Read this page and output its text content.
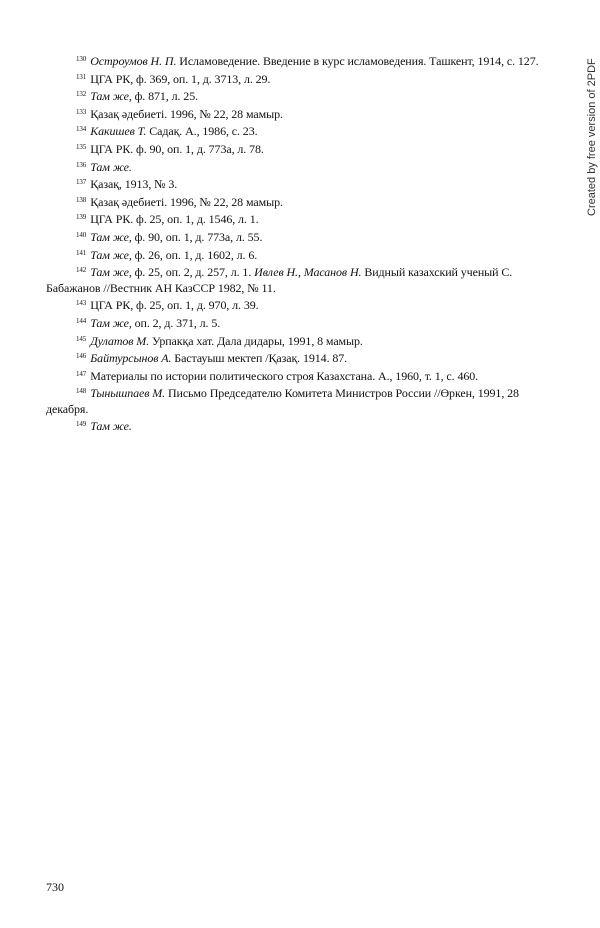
$^{130}$ Остроумов Н. П. Исламоведение. Введение в курс исламоведения. Ташкент, 1914, с. 127.

$^{131}$ ЦГА РК, ф. 369, оп. 1, д. 3713, л. 29.

$^{132}$ Там же, ф. 871, л. 25.

$^{133}$ Қазақ әдебиеті. 1996, № 22, 28 мамыр.

$^{134}$ Какишев Т. Садақ. А., 1986, с. 23.

$^{135}$ ЦГА РК. ф. 90, оп. 1, д. 773а, л. 78.

$^{136}$ Там же.

$^{137}$ Қазақ, 1913, № 3.

$^{138}$ Қазақ әдебиеті. 1996, № 22, 28 мамыр.

$^{139}$ ЦГА РК. ф. 25, оп. 1, д. 1546, л. 1.

$^{140}$ Там же, ф. 90, оп. 1, д. 773а, л. 55.

$^{141}$ Там же, ф. 26, оп. 1, д. 1602, л. 6.

$^{142}$ Там же, ф. 25, оп. 2, д. 257, л. 1. Ивлев Н., Масанов Н. Видный казахский ученый С. Бабажанов //Вестник АН КазССР 1982, № 11.

$^{143}$ ЦГА РК, ф. 25, оп. 1, д. 970, л. 39.

$^{144}$ Там же, оп. 2, д. 371, л. 5.

$^{145}$ Дулатов М. Урпакқа хат. Дала дидары, 1991, 8 мамыр.

$^{146}$ Байтурсынов А. Бастауыш мектеп /Қазақ. 1914. 87.

$^{147}$ Материалы по истории политического строя Казахстана. А., 1960, т. 1, с. 460.

$^{148}$ Тынышпаев М. Письмо Председателю Комитета Министров России //Өркен, 1991, 28 декабря.

$^{149}$ Там же.

Created by free version of 2PDF
730
